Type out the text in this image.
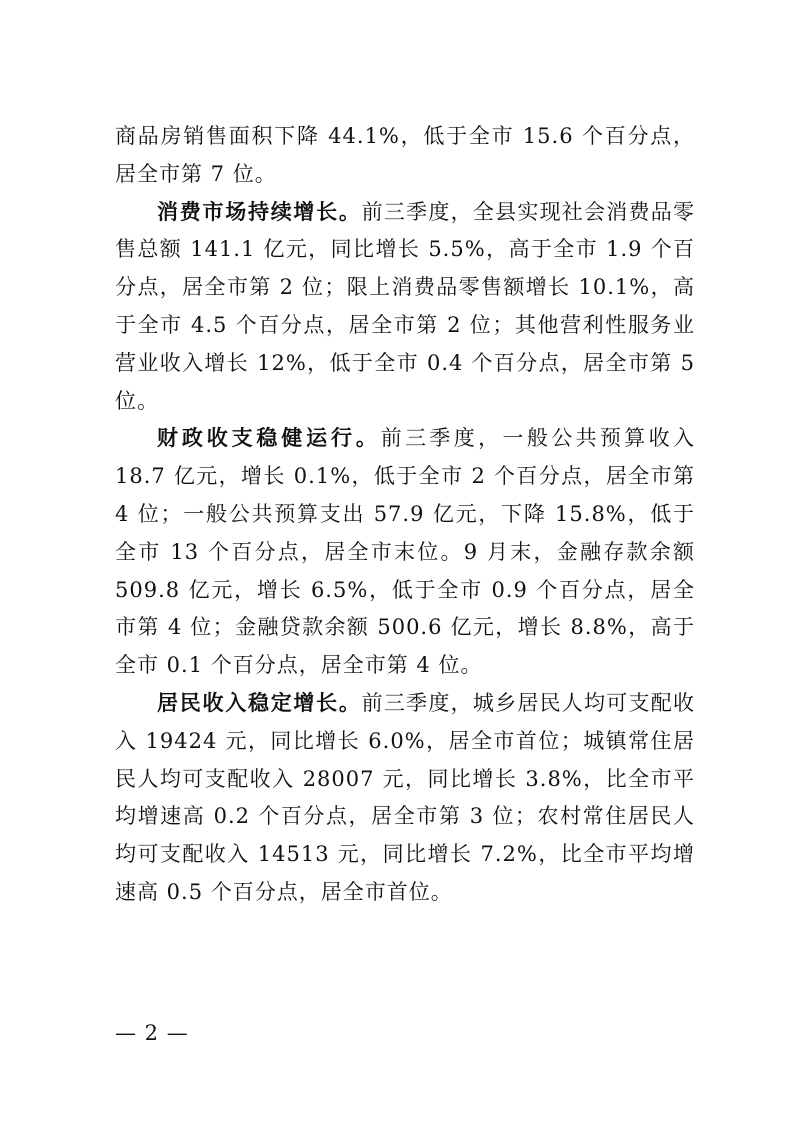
商品房销售面积下降 44.1%，低于全市 15.6 个百分点，居全市第 7 位。

消费市场持续增长。前三季度，全县实现社会消费品零售总额 141.1 亿元，同比增长 5.5%，高于全市 1.9 个百分点，居全市第 2 位；限上消费品零售额增长 10.1%，高于全市 4.5 个百分点，居全市第 2 位；其他营利性服务业营业收入增长 12%，低于全市 0.4 个百分点，居全市第 5 位。

财政收支稳健运行。前三季度，一般公共预算收入 18.7 亿元，增长 0.1%，低于全市 2 个百分点，居全市第 4 位；一般公共预算支出 57.9 亿元，下降 15.8%，低于全市 13 个百分点，居全市末位。9 月末，金融存款余额 509.8 亿元，增长 6.5%，低于全市 0.9 个百分点，居全市第 4 位；金融贷款余额 500.6 亿元，增长 8.8%，高于全市 0.1 个百分点，居全市第 4 位。

居民收入稳定增长。前三季度，城乡居民人均可支配收入 19424 元，同比增长 6.0%，居全市首位；城镇常住居民人均可支配收入 28007 元，同比增长 3.8%，比全市平均增速高 0.2 个百分点，居全市第 3 位；农村常住居民人均可支配收入 14513 元，同比增长 7.2%，比全市平均增速高 0.5 个百分点，居全市首位。

— 2 —
